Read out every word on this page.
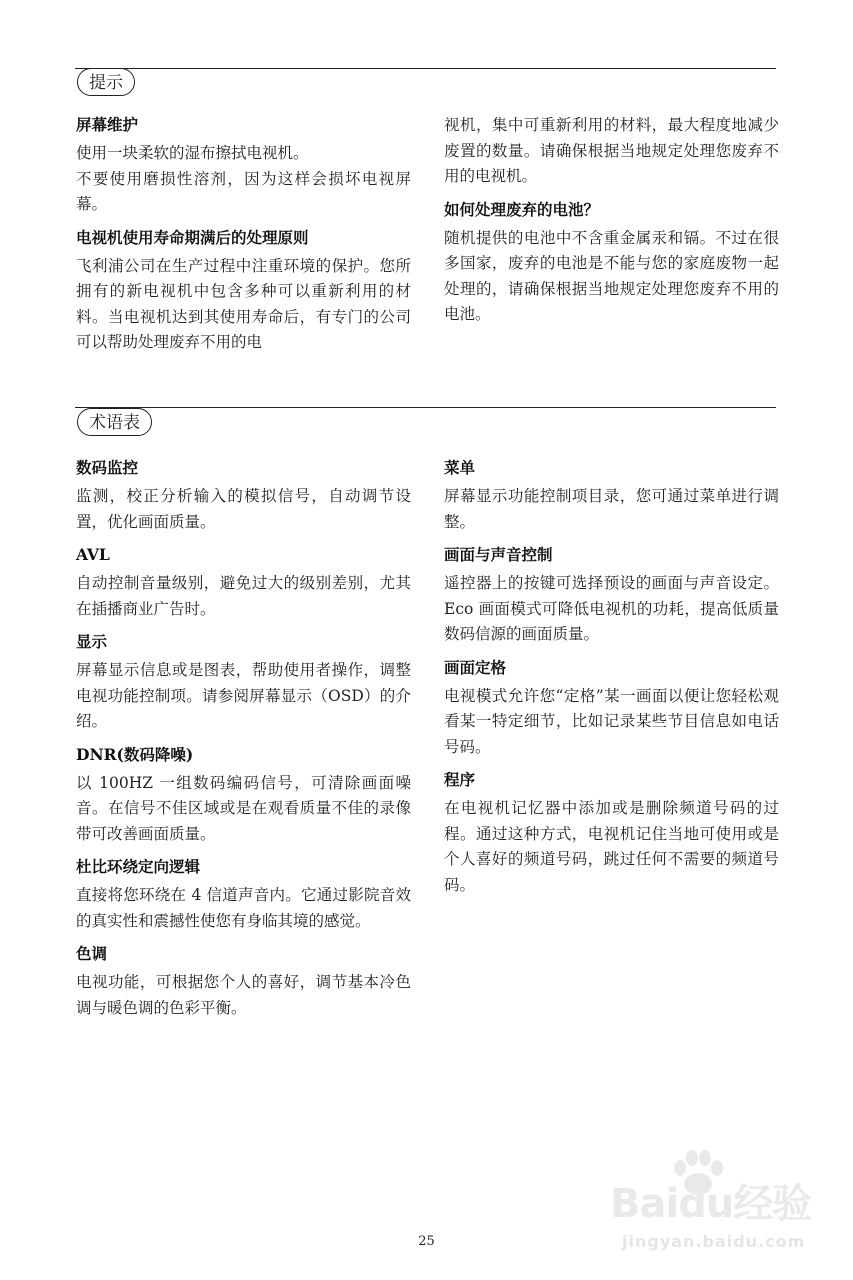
提示
屏幕维护

使用一块柔软的湿布擦拭电视机。

不要使用磨损性溶剂，因为这样会损坏电视屏幕。

电视机使用寿命期满后的处理原则

飞利浦公司在生产过程中注重环境的保护。您所拥有的新电视机中包含多种可以重新利用的材料。当电视机达到其使用寿命后，有专门的公司可以帮助处理废弃不用的电

视机，集中可重新利用的材料，最大程度地减少废置的数量。请确保根据当地规定处理您废弃不用的电视机。

如何处理废弃的电池？

随机提供的电池中不含重金属汞和镉。不过在很多国家，废弃的电池是不能与您的家庭废物一起处理的，请确保根据当地规定处理您废弃不用的电池。

术语表
数码监控

监测，校正分析输入的模拟信号，自动调节设置，优化画面质量。

AVL

自动控制音量级别，避免过大的级别差别，尤其在插播商业广告时。

显示

屏幕显示信息或是图表，帮助使用者操作，调整电视功能控制项。请参阅屏幕显示（OSD）的介绍。

DNR(数码降噪)

以 100HZ 一组数码编码信号，可清除画面噪音。在信号不佳区域或是在观看质量不佳的录像带可改善画面质量。

杜比环绕定向逻辑

直接将您环绕在 4 信道声音内。它通过影院音效的真实性和震撼性使您有身临其境的感觉。

色调

电视功能，可根据您个人的喜好，调节基本冷色调与暖色调的色彩平衡。

菜单

屏幕显示功能控制项目录，您可通过菜单进行调整。

画面与声音控制

遥控器上的按键可选择预设的画面与声音设定。Eco 画面模式可降低电视机的功耗，提高低质量数码信源的画面质量。

画面定格

电视模式允许您“定格”某一画面以便让您轻松观看某一特定细节，比如记录某些节目信息如电话号码。

程序

在电视机记忆器中添加或是删除频道号码的过程。通过这种方式，电视机记住当地可使用或是个人喜好的频道号码，跳过任何不需要的频道号码。

Baidu经验
jingyan.baidu.com
25
